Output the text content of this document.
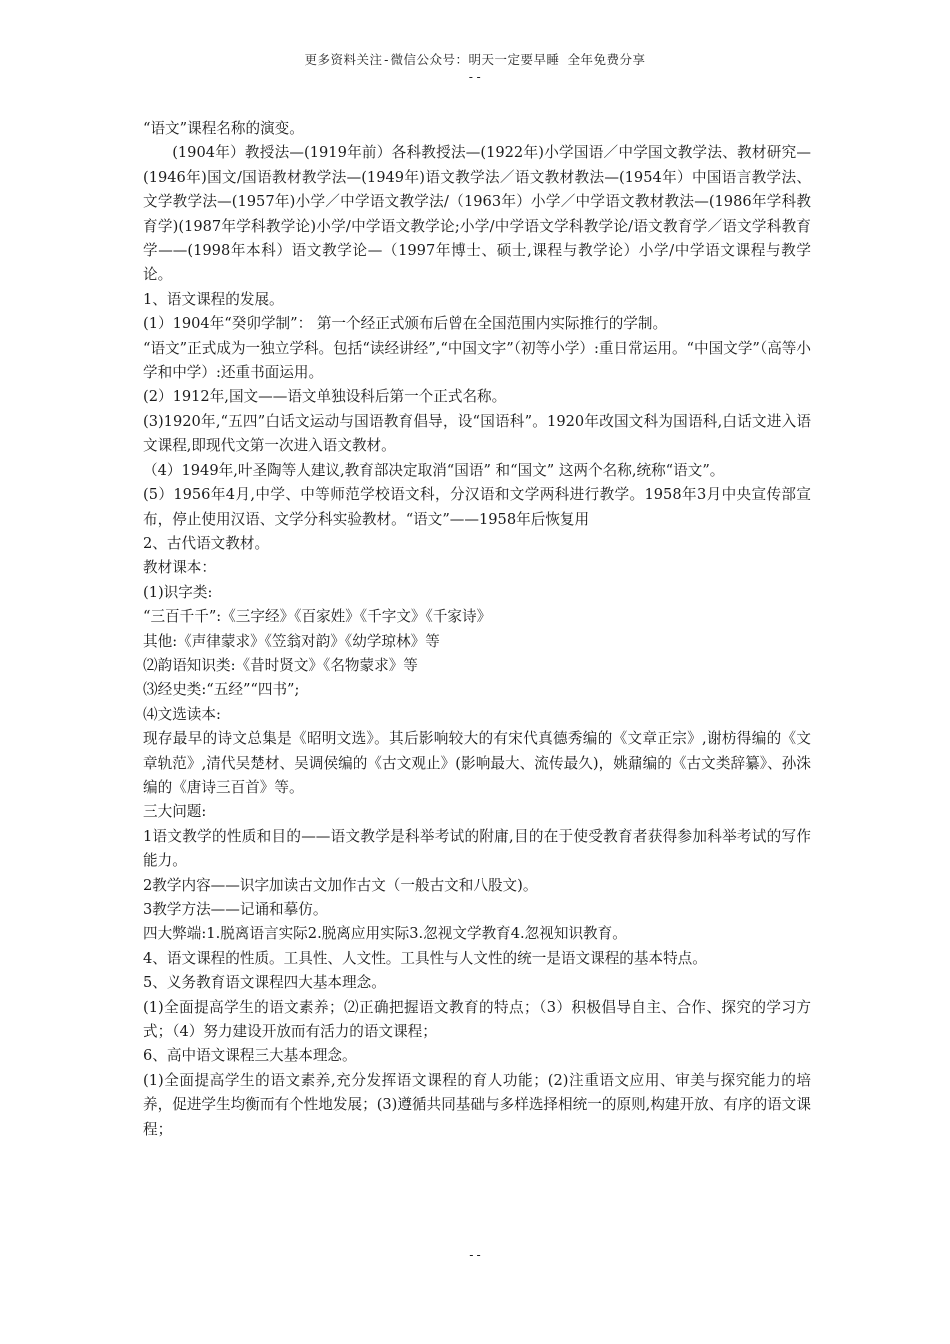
更多资料关注-微信公众号：明天一定要早睡 全年免费分享
--

“语文”课程名称的演变。

(1904年）教授法—(1919年前）各科教授法—(1922年)小学国语／中学国文教学法、教材研究—(1946年)国文/国语教材教学法—(1949年)语文教学法／语文教材教法—(1954年）中国语言教学法、文学教学法—(1957年)小学／中学语文教学法/（1963年）小学／中学语文教材教法—(1986年学科教育学)(1987年学科教学论)小学/中学语文教学论;小学/中学语文学科教学论/语文教育学／语文学科教育学——(1998年本科）语文教学论—（1997年博士、硕士,课程与教学论）小学/中学语文课程与教学论。

1、语文课程的发展。

(1）1904年“癸卯学制”： 第一个经正式颁布后曾在全国范围内实际推行的学制。

“语文”正式成为一独立学科。包括“读经讲经”,“中国文字”（初等小学）:重日常运用。“中国文学”（高等小学和中学）:还重书面运用。

(2）1912年,国文——语文单独设科后第一个正式名称。

(3)1920年,“五四”白话文运动与国语教育倡导，设“国语科”。1920年改国文科为国语科,白话文进入语文课程,即现代文第一次进入语文教材。

（4）1949年,叶圣陶等人建议,教育部决定取消“国语” 和“国文” 这两个名称,统称“语文”。

(5）1956年4月,中学、中等师范学校语文科，分汉语和文学两科进行教学。1958年3月中央宣传部宣布，停止使用汉语、文学分科实验教材。“语文”——1958年后恢复用

2、古代语文教材。

教材课本：

(1)识字类:

“三百千千”:《三字经》《百家姓》《千字文》《千家诗》

其他:《声律蒙求》《笠翁对韵》《幼学琼林》等

⑵韵语知识类:《昔时贤文》《名物蒙求》等

⑶经史类:“五经”“四书”;

⑷文选读本:

现存最早的诗文总集是《昭明文选》。其后影响较大的有宋代真德秀编的《文章正宗》,谢枋得编的《文章轨范》,清代吴楚材、吴调侯编的《古文观止》(影响最大、流传最久)，姚鼐编的《古文类辞纂》、孙洙编的《唐诗三百首》等。

三大问题:

1语文教学的性质和目的——语文教学是科举考试的附庸,目的在于使受教育者获得参加科举考试的写作能力。

2教学内容——识字加读古文加作古文（一般古文和八股文)。

3教学方法——记诵和摹仿。

四大弊端:1.脱离语言实际2.脱离应用实际3.忽视文学教育4.忽视知识教育。

4、语文课程的性质。工具性、人文性。工具性与人文性的统一是语文课程的基本特点。

5、义务教育语文课程四大基本理念。

(1)全面提高学生的语文素养；⑵正确把握语文教育的特点；（3）积极倡导自主、合作、探究的学习方式；（4）努力建设开放而有活力的语文课程；

6、高中语文课程三大基本理念。

(1)全面提高学生的语文素养,充分发挥语文课程的育人功能；(2)注重语文应用、审美与探究能力的培养，促进学生均衡而有个性地发展；(3)遵循共同基础与多样选择相统一的原则,构建开放、有序的语文课程；

--
